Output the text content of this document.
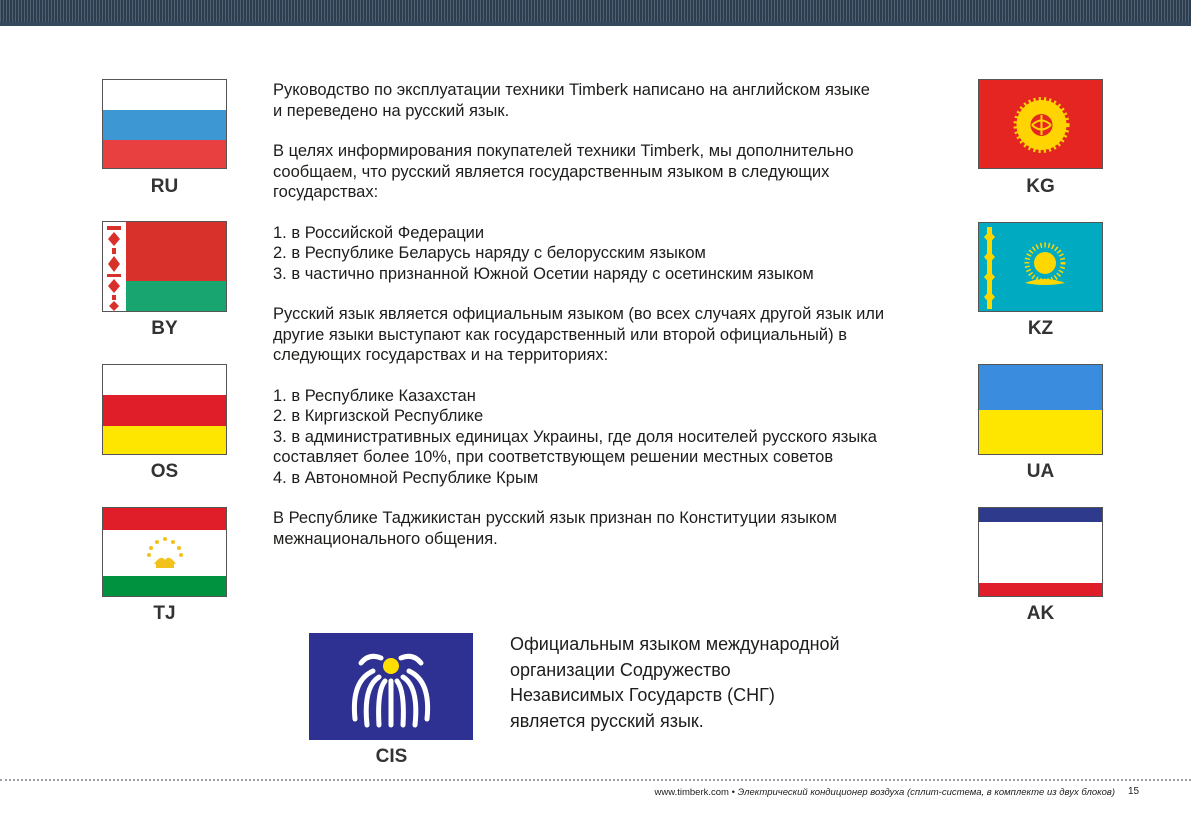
RU
BY
OS
TJ
KG
KZ
UA
AK

Руководство по эксплуатации техники Timberk написано на английском языке

и переведено на русский язык.

В целях информирования покупателей техники Timberk, мы дополнительно

сообщаем, что русский является государственным языком в следующих

государствах:

1. в Российской Федерации

2. в Республике Беларусь наряду с белорусским языком

3. в частично признанной Южной Осетии наряду с осетинским языком

Русский язык является официальным языком (во всех случаях другой язык или

другие языки выступают как государственный или второй официальный) в

следующих государствах и на территориях:

1. в Республике Казахстан

2. в Киргизской Республике

3. в административных единицах Украины, где доля носителей русского языка

составляет более 10%, при соответствующем решении местных советов

4. в Автономной Республике Крым

В Республике Таджикистан русский язык признан по Конституции языком

межнационального общения.

CIS
Официальным языком международной
организации Содружество
Независимых Государств (СНГ)
является русский язык.
www.timberk.com • Электрический кондиционер воздуха (сплит-система, в комплекте из двух блоков) 15
